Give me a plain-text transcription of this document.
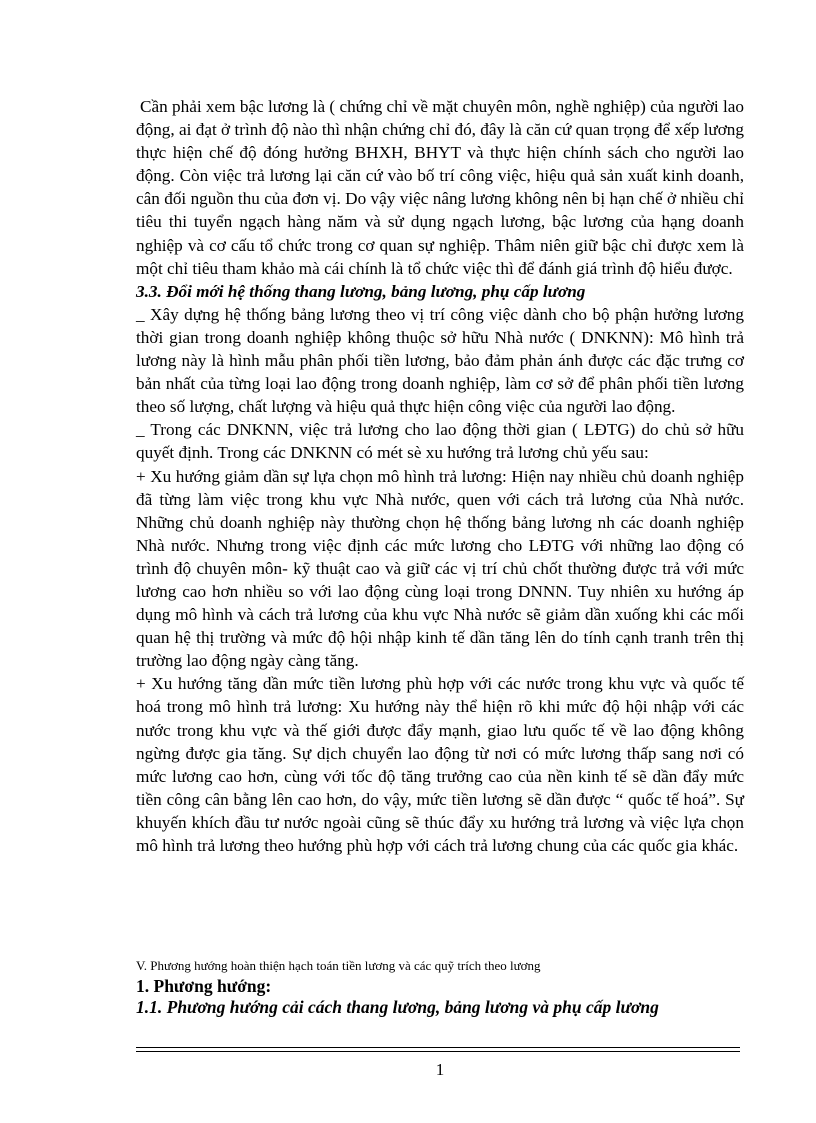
Cần phải xem bậc lương là ( chứng chỉ về mặt chuyên môn, nghề nghiệp) của người lao động, ai đạt ở trình độ nào thì nhận chứng chỉ đó, đây là căn cứ quan trọng để xếp lương thực hiện chế độ đóng hưởng BHXH, BHYT và thực hiện chính sách cho người lao động. Còn việc trả lương lại căn cứ vào bố trí công việc, hiệu quả sản xuất kinh doanh, cân đối nguồn thu của đơn vị. Do vậy việc nâng lương không nên bị hạn chế ở nhiều chỉ tiêu thi tuyển ngạch hàng năm và sử dụng ngạch lương, bậc lương của hạng doanh nghiệp và cơ cấu tổ chức trong cơ quan sự nghiệp. Thâm niên giữ bậc chỉ được xem là một chỉ tiêu tham khảo mà cái chính là tổ chức việc thì để đánh giá trình độ hiểu được.

3.3. Đổi mới hệ thống thang lương, bảng lương, phụ cấp lương

_ Xây dựng hệ thống bảng lương theo vị trí công việc dành cho bộ phận hưởng lương thời gian trong doanh nghiệp không thuộc sở hữu Nhà nước ( DNKNN): Mô hình trả lương này là hình mẫu phân phối tiền lương, bảo đảm phản ánh được các đặc trưng cơ bản nhất của từng loại lao động trong doanh nghiệp, làm cơ sở để phân phối tiền lương theo số lượng, chất lượng và hiệu quả thực hiện công việc của người lao động.

_ Trong các DNKNN, việc trả lương cho lao động thời gian ( LĐTG) do chủ sở hữu quyết định. Trong các DNKNN có mét sè xu hướng trả lương chủ yếu sau:

+ Xu hướng giảm dần sự lựa chọn mô hình trả lương: Hiện nay nhiều chủ doanh nghiệp đã từng làm việc trong khu vực Nhà nước, quen với cách trả lương của Nhà nước. Những chủ doanh nghiệp này thường chọn hệ thống bảng lương nh các doanh nghiệp Nhà nước. Nhưng trong việc định các mức lương cho LĐTG với những lao động có trình độ chuyên môn- kỹ thuật cao và giữ các vị trí chủ chốt thường được trả với mức lương cao hơn nhiều so với lao động cùng loại trong DNNN. Tuy nhiên xu hướng áp dụng mô hình và cách trả lương của khu vực Nhà nước sẽ giảm dần xuống khi các mối quan hệ thị trường và mức độ hội nhập kinh tế dần tăng lên do tính cạnh tranh trên thị trường lao động ngày càng tăng.

+ Xu hướng tăng dần mức tiền lương phù hợp với các nước trong khu vực và quốc tế hoá trong mô hình trả lương: Xu hướng này thể hiện rõ khi mức độ hội nhập với các nước trong khu vực và thế giới được đẩy mạnh, giao lưu quốc tế về lao động không ngừng được gia tăng. Sự dịch chuyển lao động từ nơi có mức lương thấp sang nơi có mức lương cao hơn, cùng với tốc độ tăng trưởng cao của nền kinh tế sẽ dần đẩy mức tiền công cân bằng lên cao hơn, do vậy, mức tiền lương sẽ dần được “ quốc tế hoá”. Sự khuyến khích đầu tư nước ngoài cũng sẽ thúc đẩy xu hướng trả lương và việc lựa chọn mô hình trả lương theo hướng phù hợp với cách trả lương chung của các quốc gia khác.

V. Phương hướng hoàn thiện hạch toán tiền lương và các quỹ trích theo lương
1. Phương hướng:
1.1. Phương hướng cải cách thang lương, bảng lương và phụ cấp lương
1
